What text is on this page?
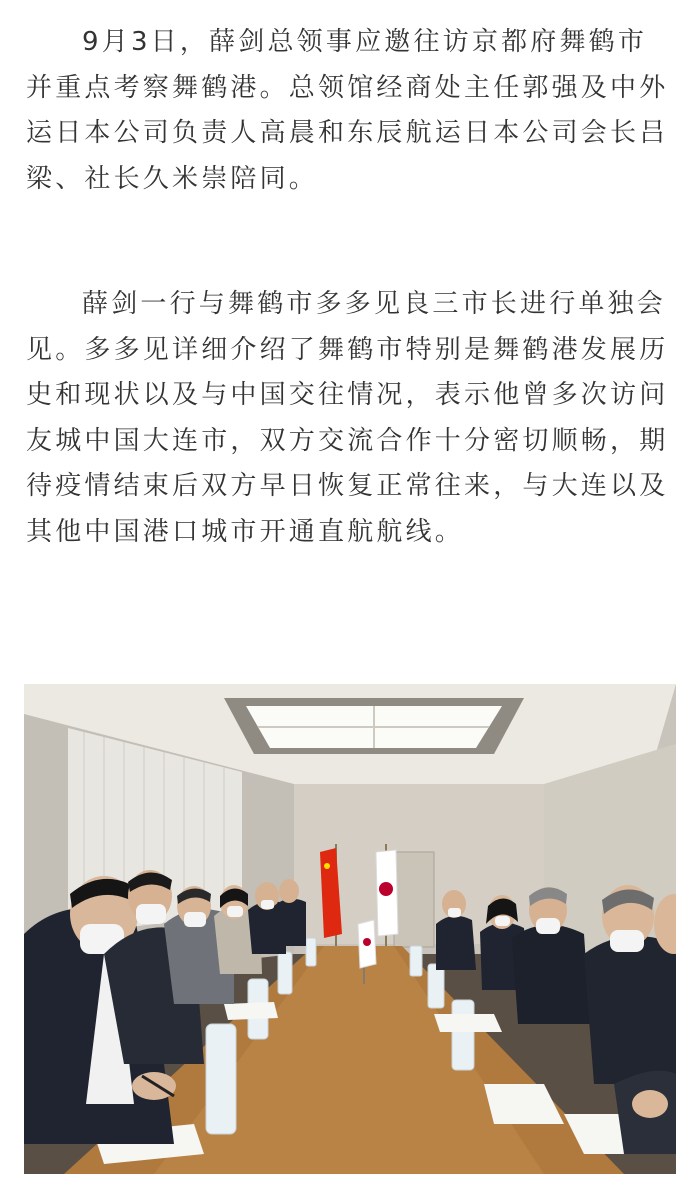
9月3日，薛剑总领事应邀往访京都府舞鹤市并重点考察舞鹤港。总领馆经商处主任郭强及中外运日本公司负责人高晨和东辰航运日本公司会长吕梁、社长久米崇陪同。

薛剑一行与舞鹤市多多见良三市长进行单独会见。多多见详细介绍了舞鹤市特别是舞鹤港发展历史和现状以及与中国交往情况，表示他曾多次访问友城中国大连市，双方交流合作十分密切顺畅，期待疫情结束后双方早日恢复正常往来，与大连以及其他中国港口城市开通直航航线。
